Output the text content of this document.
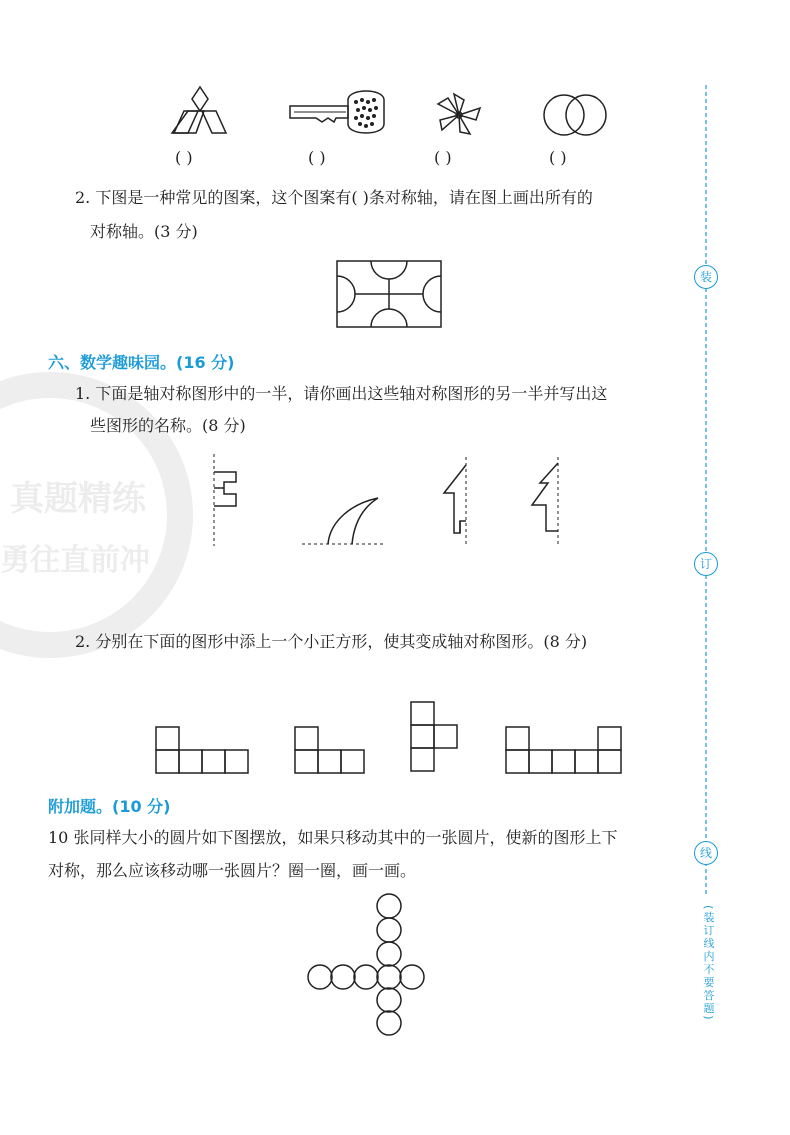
真题精练
勇往直前冲
( )	( )	( )	( )
2. 下图是一种常见的图案，这个图案有( )条对称轴，请在图上画出所有的
对称轴。(3 分)
六、数学趣味园。(16 分)
1. 下面是轴对称图形中的一半，请你画出这些轴对称图形的另一半并写出这
些图形的名称。(8 分)
2. 分别在下面的图形中添上一个小正方形，使其变成轴对称图形。(8 分)
附加题。(10 分)
10 张同样大小的圆片如下图摆放，如果只移动其中的一张圆片，使新的图形上下
对称，那么应该移动哪一张圆片？圈一圈，画一画。
装
订
线
(装订线内不要答题)
